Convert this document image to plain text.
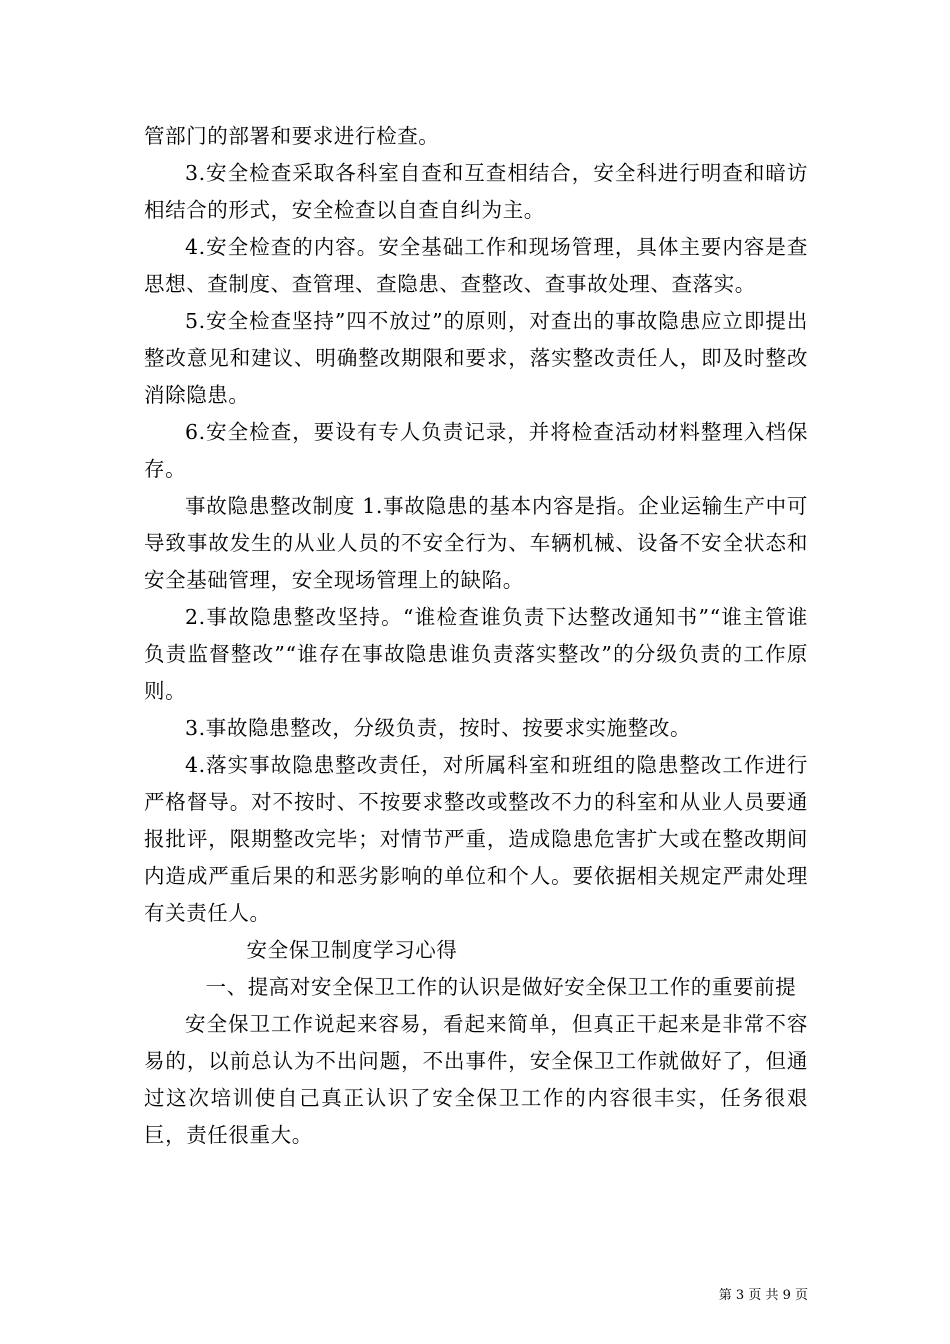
管部门的部署和要求进行检查。

3.安全检查采取各科室自查和互查相结合，安全科进行明查和暗访相结合的形式，安全检查以自查自纠为主。

4.安全检查的内容。安全基础工作和现场管理，具体主要内容是查思想、查制度、查管理、查隐患、查整改、查事故处理、查落实。

5.安全检查坚持”四不放过”的原则，对查出的事故隐患应立即提出整改意见和建议、明确整改期限和要求，落实整改责任人，即及时整改消除隐患。

6.安全检查，要设有专人负责记录，并将检查活动材料整理入档保存。

事故隐患整改制度 1.事故隐患的基本内容是指。企业运输生产中可导致事故发生的从业人员的不安全行为、车辆机械、设备不安全状态和安全基础管理，安全现场管理上的缺陷。

2.事故隐患整改坚持。“谁检查谁负责下达整改通知书”“谁主管谁负责监督整改”“谁存在事故隐患谁负责落实整改”的分级负责的工作原则。

3.事故隐患整改，分级负责，按时、按要求实施整改。

4.落实事故隐患整改责任，对所属科室和班组的隐患整改工作进行严格督导。对不按时、不按要求整改或整改不力的科室和从业人员要通报批评，限期整改完毕；对情节严重，造成隐患危害扩大或在整改期间内造成严重后果的和恶劣影响的单位和个人。要依据相关规定严肃处理有关责任人。

安全保卫制度学习心得

一、提高对安全保卫工作的认识是做好安全保卫工作的重要前提

安全保卫工作说起来容易，看起来简单，但真正干起来是非常不容易的，以前总认为不出问题，不出事件，安全保卫工作就做好了，但通过这次培训使自己真正认识了安全保卫工作的内容很丰实，任务很艰巨，责任很重大。

第 3 页 共 9 页
